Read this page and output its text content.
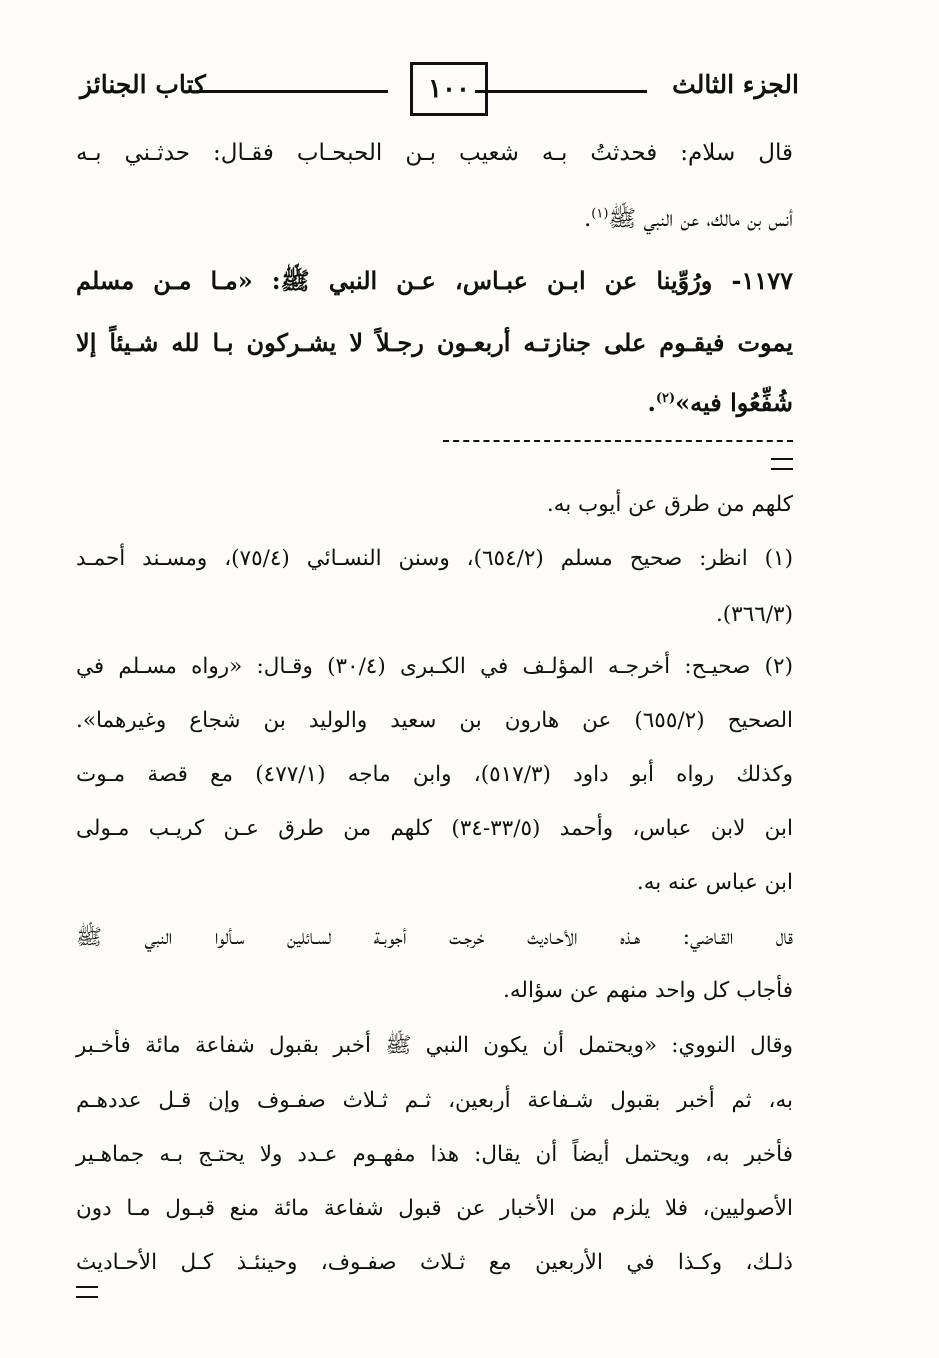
الجزء الثالث
١٠٠
كتاب الجنائز
قال سلام: فحدثتُ بـه شعيب بـن الحبحـاب فقـال: حدثـني بـه
أنس بن مالك، عن النبي ﷺ$^{(١)}$.
١١٧٧- ورُوِّينا عن ابـن عبـاس، عـن النبي ﷺ: «مـا مـن مسلم
يموت فيقـوم على جنازتـه أربعـون رجـلاً لا يشـركون بـا لله شـيئاً إلا
شُفِّعُوا فيه»$^{(٢)}$.
كلهم من طرق عن أيوب به.
(١) انظر: صحيح مسلم (٦٥٤/٢)، وسنن النسـائي (٧٥/٤)، ومسـند أحمـد
(٣٦٦/٣).
(٢) صحيـح: أخرجـه المؤلـف في الكـبرى (٣٠/٤) وقـال: «رواه مسـلم في
الصحيح (٦٥٥/٢) عن هارون بن سعيد والوليد بن شجاع وغيرهما».
وكذلك رواه أبو داود (٥١٧/٣)، وابن ماجه (٤٧٧/١) مع قصة مـوت
ابن لابن عباس، وأحمد (٣٣/٥-٣٤) كلهم من طرق عـن كريـب مـولى
ابن عباس عنه به.
قال القـاضي: هـذه الأحـاديث خرجـت أجوبـة لسـائلين سـألوا النبي ﷺ
فأجاب كل واحد منهم عن سؤاله.
وقال النووي: «ويحتمل أن يكون النبي ﷺ أخبر بقبول شفاعة مائة فأخـبر
به، ثم أخبر بقبول شـفاعة أربعين، ثـم ثـلاث صفـوف وإن قـل عددهـم
فأخبر به، ويحتمل أيضاً أن يقال: هذا مفهـوم عـدد ولا يحتـج بـه جماهـير
الأصوليين، فلا يلزم من الأخبار عن قبول شفاعة مائة منع قبـول مـا دون
ذلـك، وكـذا في الأربعين مع ثـلاث صفـوف، وحينئـذ كـل الأحـاديث
